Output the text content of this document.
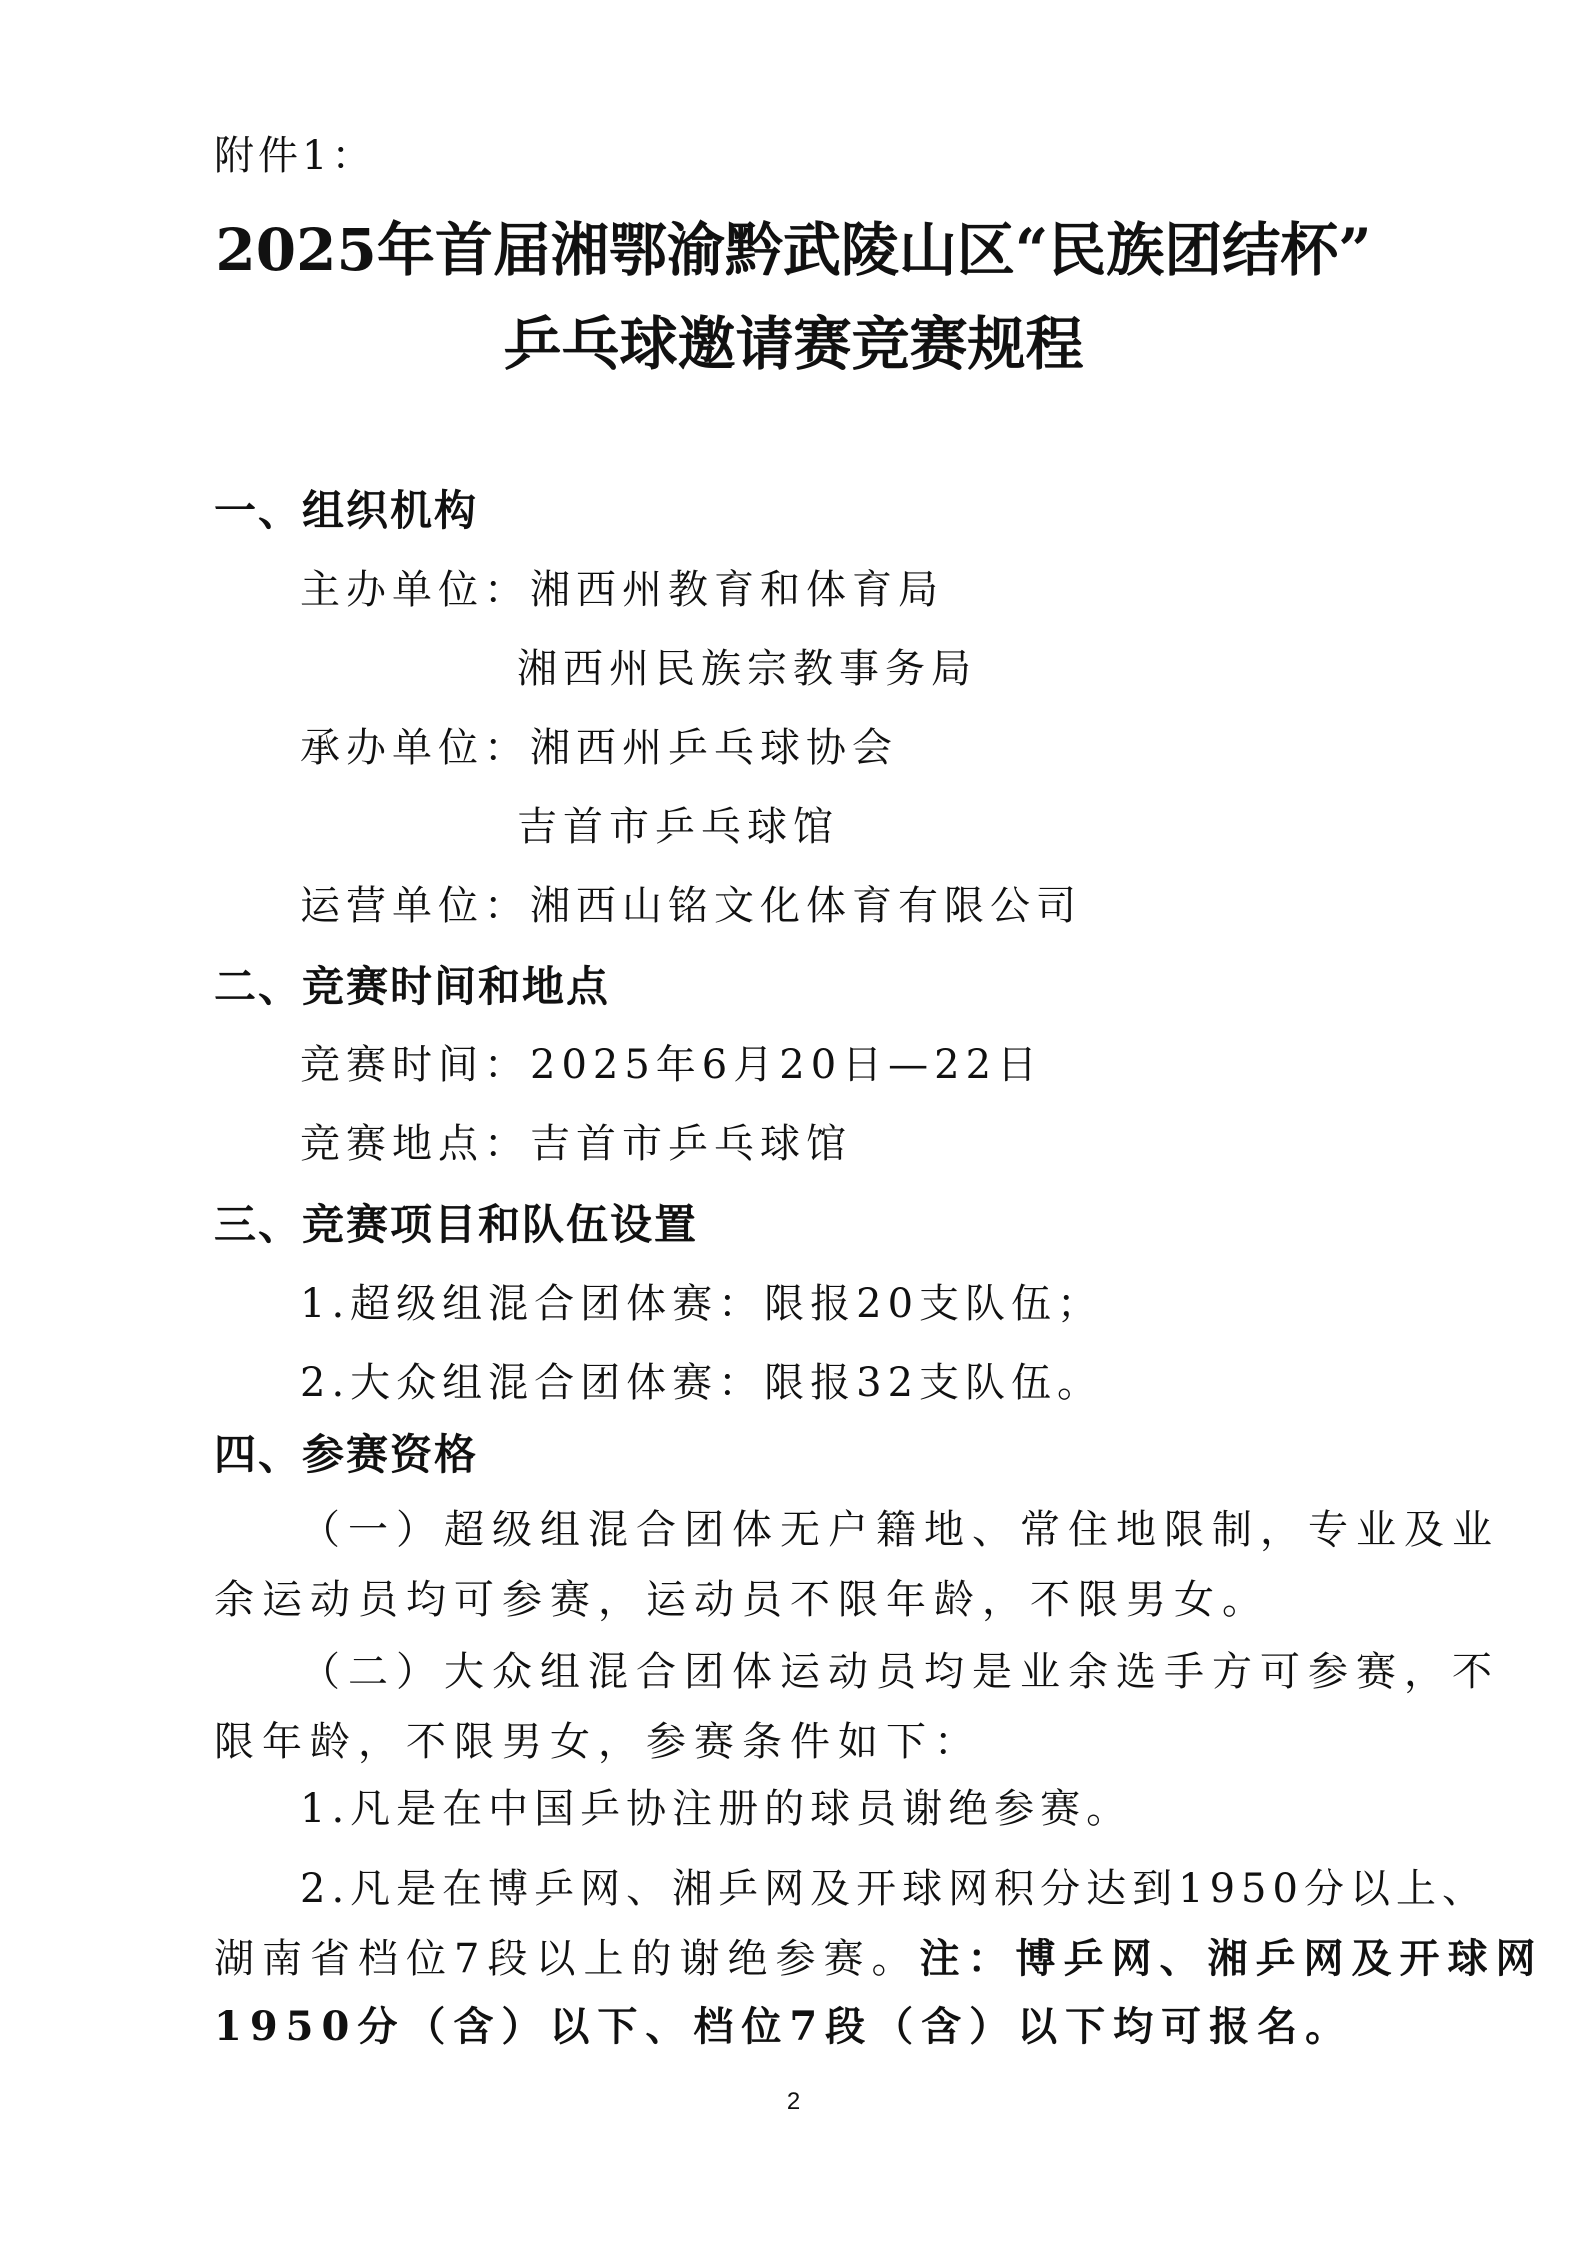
附件1：
2025年首届湘鄂渝黔武陵山区“民族团结杯”
乒乓球邀请赛竞赛规程
一、组织机构
主办单位：湘西州教育和体育局
湘西州民族宗教事务局
承办单位：湘西州乒乓球协会
吉首市乒乓球馆
运营单位：湘西山铭文化体育有限公司
二、竞赛时间和地点
竞赛时间：2025年6月20日—22日
竞赛地点：吉首市乒乓球馆
三、竞赛项目和队伍设置
1.超级组混合团体赛：限报20支队伍；
2.大众组混合团体赛：限报32支队伍。
四、参赛资格
（一）超级组混合团体无户籍地、常住地限制，专业及业
余运动员均可参赛，运动员不限年龄，不限男女。
（二）大众组混合团体运动员均是业余选手方可参赛，不
限年龄，不限男女，参赛条件如下：
1.凡是在中国乒协注册的球员谢绝参赛。
2.凡是在博乒网、湘乒网及开球网积分达到1950分以上、
湖南省档位7段以上的谢绝参赛。注：博乒网、湘乒网及开球网
1950分（含）以下、档位7段（含）以下均可报名。
2
